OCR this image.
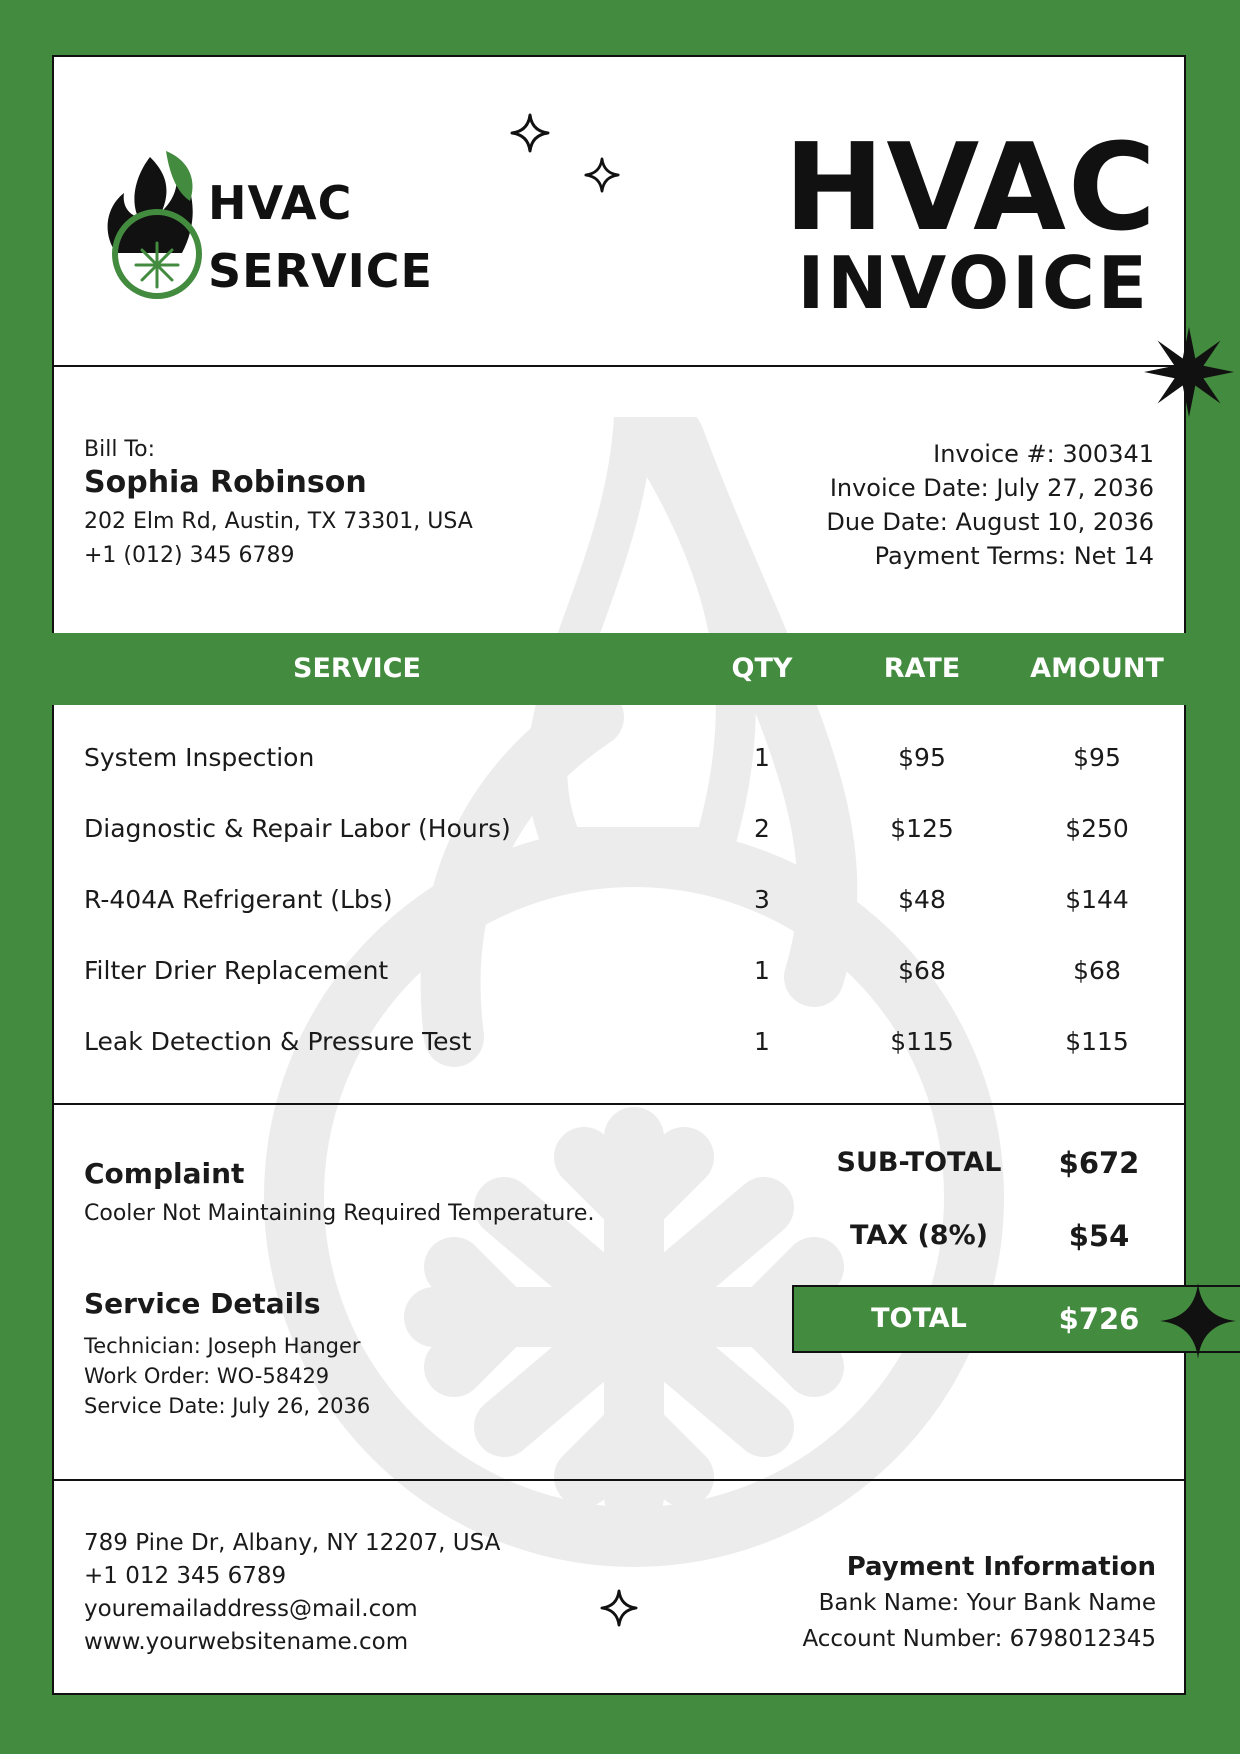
HVAC
SERVICE
HVAC
INVOICE
Bill To:
Sophia Robinson
202 Elm Rd, Austin, TX 73301, USA
+1 (012) 345 6789
Invoice #: 300341
Invoice Date: July 27, 2036
Due Date: August 10, 2036
Payment Terms: Net 14
SERVICE	QTY	RATE	AMOUNT
System Inspection	1	$95	$95
Diagnostic & Repair Labor (Hours)	2	$125	$250
R-404A Refrigerant (Lbs)	3	$48	$144
Filter Drier Replacement	1	$68	$68
Leak Detection & Pressure Test	1	$115	$115
Complaint
Cooler Not Maintaining Required Temperature.
Service Details
Technician: Joseph Hanger
Work Order: WO-58429
Service Date: July 26, 2036
SUB-TOTAL	$672
TAX (8%)	$54
TOTAL	$726
789 Pine Dr, Albany, NY 12207, USA
+1 012 345 6789
youremailaddress@mail.com
www.yourwebsitename.com
Payment Information
Bank Name: Your Bank Name
Account Number: 6798012345
